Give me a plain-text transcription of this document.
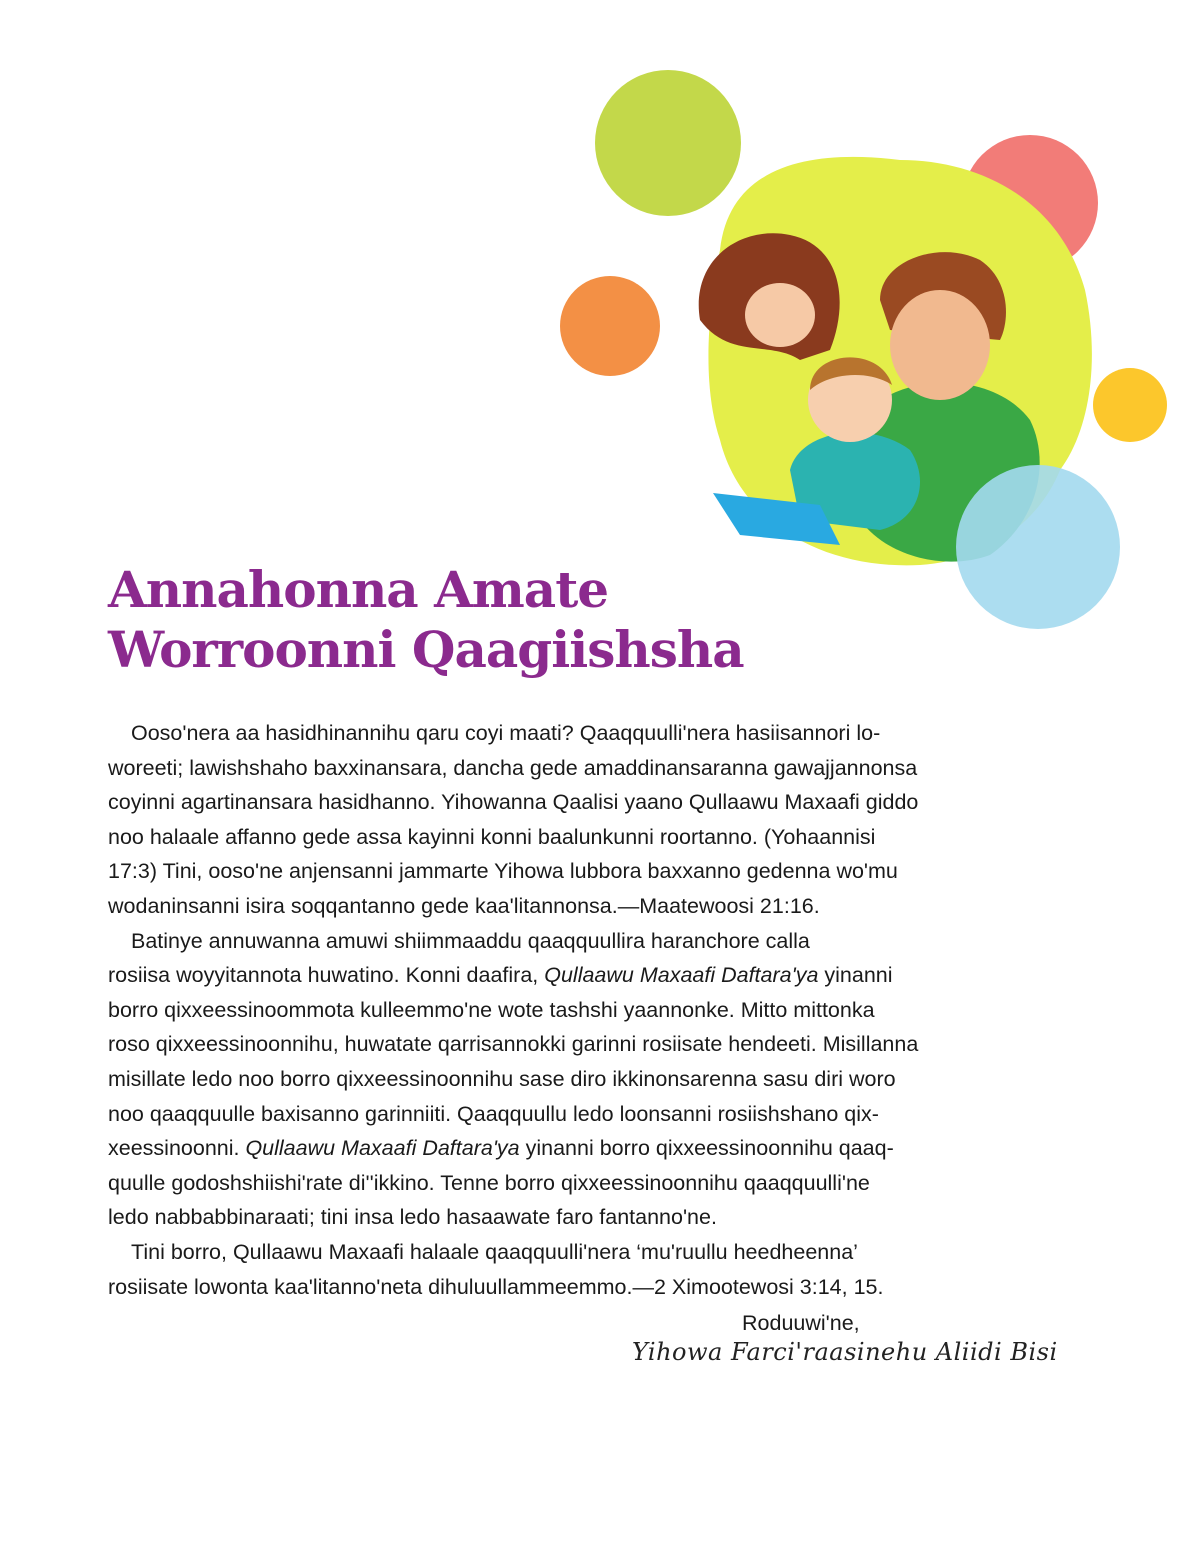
Annahonna Amate
Worroonni Qaagiishsha
Ooso'nera aa hasidhinannihu qaru coyi maati? Qaaqquulli'nera hasiisannori lo-
woreeti; lawishshaho baxxinansara, dancha gede amaddinansaranna gawajjannonsa
coyinni agartinansara hasidhanno. Yihowanna Qaalisi yaano Qullaawu Maxaafi giddo
noo halaale affanno gede assa kayinni konni baalunkunni roortanno. (Yohaannisi
17:3) Tini, ooso'ne anjensanni jammarte Yihowa lubbora baxxanno gedenna wo'mu
wodaninsanni isira soqqantanno gede kaa'litannonsa.—Maatewoosi 21:16.
Batinye annuwanna amuwi shiimmaaddu qaaqquullira haranchore calla
rosiisa woyyitannota huwatino. Konni daafira, Qullaawu Maxaafi Daftara'ya yinanni
borro qixxeessinoommota kulleemmo'ne wote tashshi yaannonke. Mitto mittonka
roso qixxeessinoonnihu, huwatate qarrisannokki garinni rosiisate hendeeti. Misillanna
misillate ledo noo borro qixxeessinoonnihu sase diro ikkinonsarenna sasu diri woro
noo qaaqquulle baxisanno garinniiti. Qaaqquullu ledo loonsanni rosiishshano qix-
xeessinoonni. Qullaawu Maxaafi Daftara'ya yinanni borro qixxeessinoonnihu qaaq-
quulle godoshshiishi'rate di''ikkino. Tenne borro qixxeessinoonnihu qaaqquulli'ne
ledo nabbabbinaraati; tini insa ledo hasaawate faro fantanno'ne.
Tini borro, Qullaawu Maxaafi halaale qaaqquulli'nera ‘mu'ruullu heedheenna’
rosiisate lowonta kaa'litanno'neta dihuluullammeemmo.—2 Ximootewosi 3:14, 15.
Roduuwi'ne,
Yihowa Farci'raasinehu Aliidi Bisi
